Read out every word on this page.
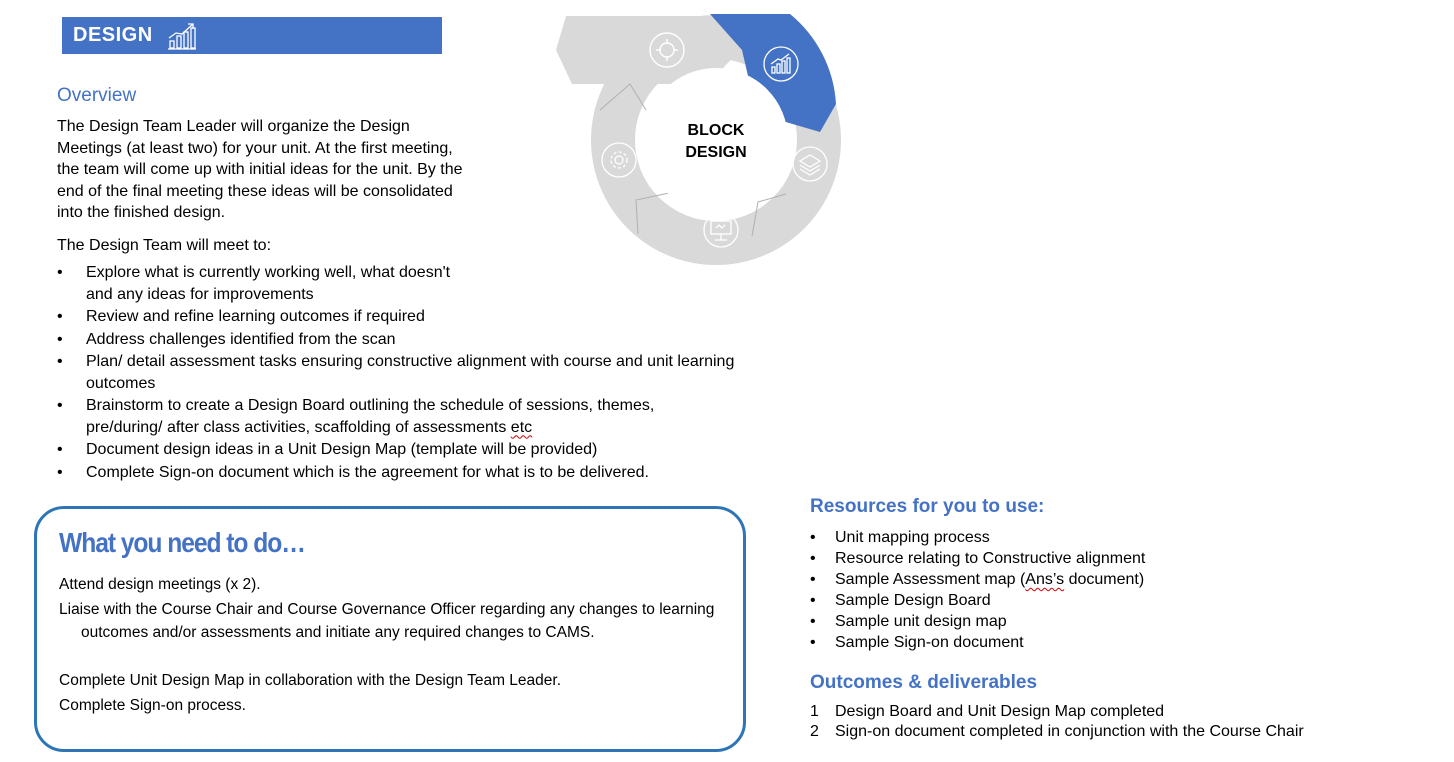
DESIGN
BLOCK
DESIGN
Overview
The Design Team Leader will organize the Design
Meetings (at least two) for your unit. At the first meeting,
the team will come up with initial ideas for the unit. By the
end of the final meeting these ideas will be consolidated
into the finished design.

The Design Team will meet to:

• Explore what is currently working well, what doesn't
and any ideas for improvements
• Review and refine learning outcomes if required
• Address challenges identified from the scan
• Plan/ detail assessment tasks ensuring constructive alignment with course and unit learning
outcomes
• Brainstorm to create a Design Board outlining the schedule of sessions, themes,
pre/during/ after class activities, scaffolding of assessments etc
• Document design ideas in a Unit Design Map (template will be provided)
• Complete Sign-on document which is the agreement for what is to be delivered.
What you need to do…

Attend design meetings (x 2).

Liaise with the Course Chair and Course Governance Officer regarding any changes to learning outcomes and/or assessments and initiate any required changes to CAMS.

Complete Unit Design Map in collaboration with the Design Team Leader.

Complete Sign-on process.

Resources for you to use:
• Unit mapping process
• Resource relating to Constructive alignment
• Sample Assessment map (Ans’s document)
• Sample Design Board
• Sample unit design map
• Sample Sign-on document
Outcomes & deliverables
1 Design Board and Unit Design Map completed
2 Sign-on document completed in conjunction with the Course Chair
